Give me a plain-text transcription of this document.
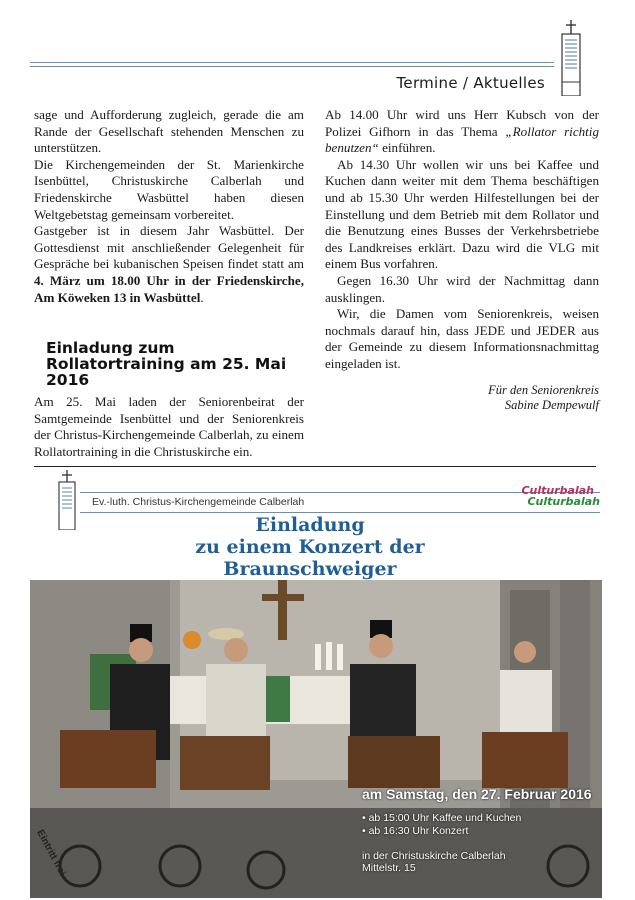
Termine / Aktuelles

sage und Aufforderung zugleich, gerade die am Rande der Gesellschaft stehenden Menschen zu unterstützen.

Die Kirchengemeinden der St. Marienkirche Isenbüttel, Christuskirche Calberlah und Friedenskirche Wasbüttel haben diesen Weltgebetstag gemeinsam vorbereitet.

Gastgeber ist in diesem Jahr Wasbüttel. Der Gottesdienst mit anschließender Gelegenheit für Gespräche bei kubanischen Speisen findet statt am 4. März um 18.00 Uhr in der Friedenskirche, Am Köweken 13 in Wasbüttel.

Einladung zum Rollatortraining am 25. Mai 2016

Am 25. Mai laden der Seniorenbeirat der Samtgemeinde Isenbüttel und der Seniorenkreis der Christus-Kirchengemeinde Calberlah, zu einem Rollatortraining in die Christuskirche ein.

Ab 14.00 Uhr wird uns Herr Kubsch von der Polizei Gifhorn in das Thema „Rollator richtig benutzen“ einführen.

Ab 14.30 Uhr wollen wir uns bei Kaffee und Kuchen dann weiter mit dem Thema beschäftigen und ab 15.30 Uhr werden Hilfestellungen bei der Einstellung und dem Betrieb mit dem Rollator und die Benutzung eines Busses der Verkehrsbetriebe des Landkreises erklärt. Dazu wird die VLG mit einem Bus vorfahren.

Gegen 16.30 Uhr wird der Nachmittag dann ausklingen.

Wir, die Damen vom Seniorenkreis, weisen nochmals darauf hin, dass JEDE und JEDER aus der Gemeinde zu diesem Informationsnachmittag eingeladen ist.

Für den Seniorenkreis
Sabine Dempewulf
Ev.-luth. Christus-Kirchengemeinde Calberlah
Culturbalah
Culturbalah
Einladung
zu einem Konzert der
Braunschweiger
am Samstag, den 27. Februar 2016
• ab 15:00 Uhr Kaffee und Kuchen
• ab 16:30 Uhr Konzert
in der Christuskirche Calberlah
Mittelstr. 15
Eintritt frei
